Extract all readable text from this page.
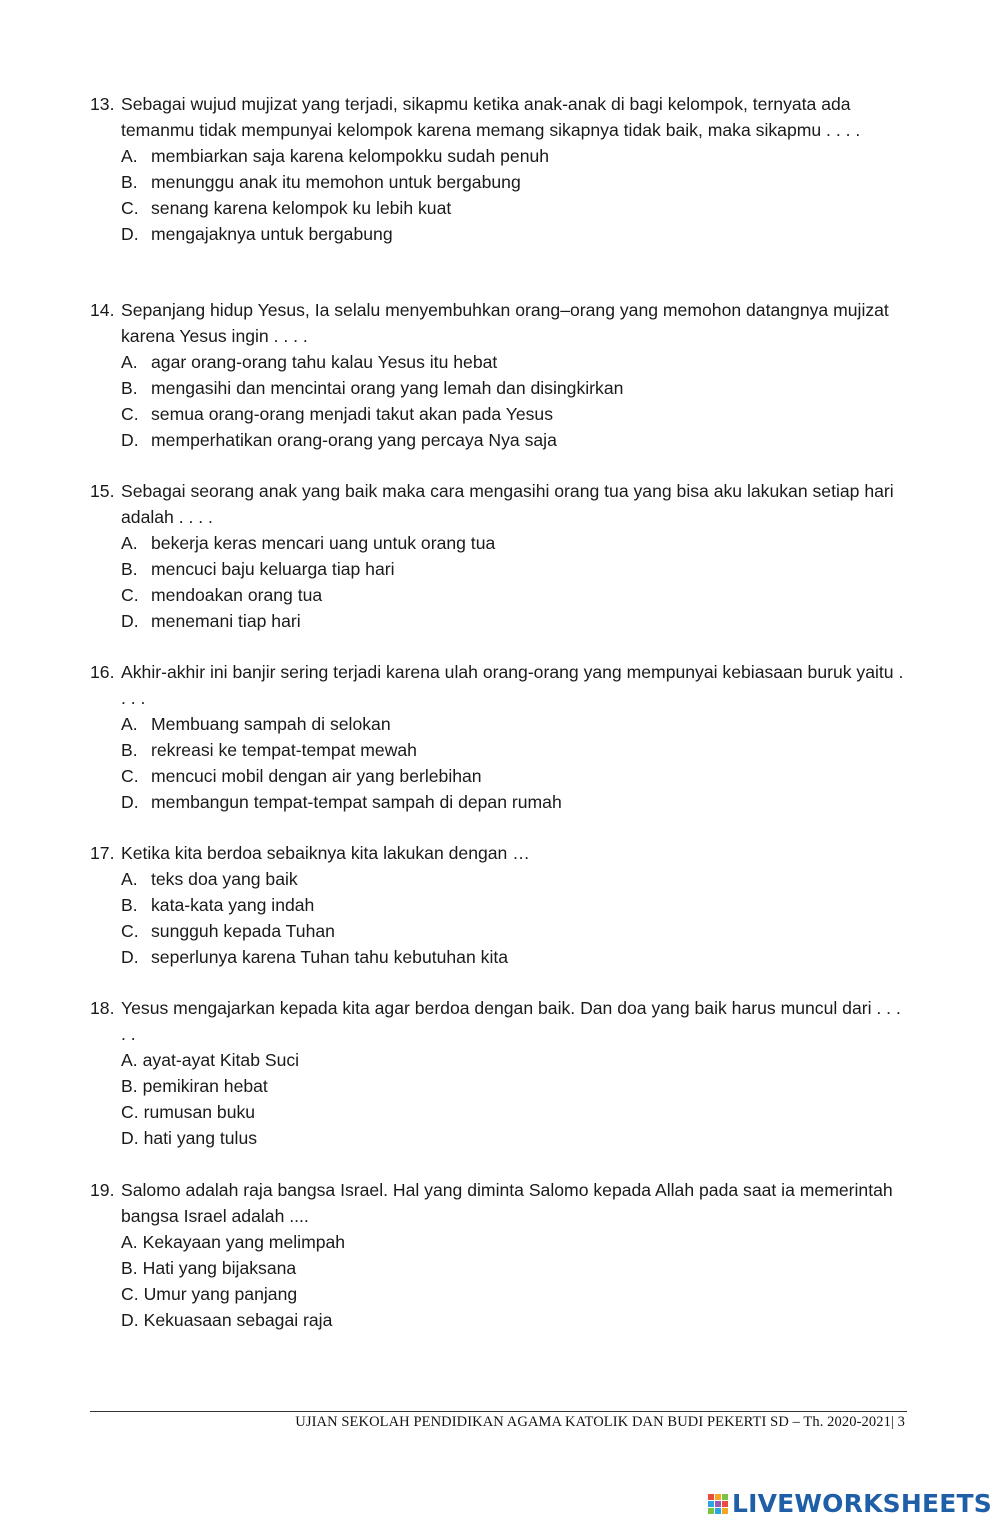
13. Sebagai wujud mujizat yang terjadi, sikapmu ketika anak-anak di bagi kelompok, ternyata ada temanmu tidak mempunyai kelompok karena memang sikapnya tidak baik, maka sikapmu . . . .
A. membiarkan saja karena kelompokku sudah penuh
B. menunggu anak itu memohon untuk bergabung
C. senang karena kelompok ku lebih kuat
D. mengajaknya untuk bergabung
14. Sepanjang hidup Yesus, Ia selalu menyembuhkan orang–orang yang memohon datangnya mujizat karena Yesus ingin . . . .
A. agar orang-orang tahu kalau Yesus itu hebat
B. mengasihi dan mencintai orang yang lemah dan disingkirkan
C. semua orang-orang menjadi takut akan pada Yesus
D. memperhatikan orang-orang yang percaya Nya saja
15. Sebagai seorang anak yang baik maka cara mengasihi orang tua yang bisa aku lakukan setiap hari adalah . . . .
A. bekerja keras mencari uang untuk orang tua
B. mencuci baju keluarga tiap hari
C. mendoakan orang tua
D. menemani tiap hari
16. Akhir-akhir ini banjir sering terjadi karena ulah orang-orang yang mempunyai kebiasaan buruk yaitu . . . .
A. Membuang sampah di selokan
B. rekreasi ke tempat-tempat mewah
C. mencuci mobil dengan air yang berlebihan
D. membangun tempat-tempat sampah di depan rumah
17. Ketika kita berdoa sebaiknya kita lakukan dengan …
A. teks doa yang baik
B. kata-kata yang indah
C. sungguh kepada Tuhan
D. seperlunya karena Tuhan tahu kebutuhan kita
18. Yesus mengajarkan kepada kita agar berdoa dengan baik. Dan doa yang baik harus muncul dari . . . . .
A. ayat-ayat Kitab Suci
B. pemikiran hebat
C. rumusan buku
D. hati yang tulus
19. Salomo adalah raja bangsa Israel. Hal yang diminta Salomo kepada Allah pada saat ia memerintah bangsa Israel adalah ....
A. Kekayaan yang melimpah
B. Hati yang bijaksana
C. Umur yang panjang
D. Kekuasaan sebagai raja
UJIAN SEKOLAH PENDIDIKAN AGAMA KATOLIK DAN BUDI PEKERTI SD – Th. 2020-2021| 3
LIVEWORKSHEETS
